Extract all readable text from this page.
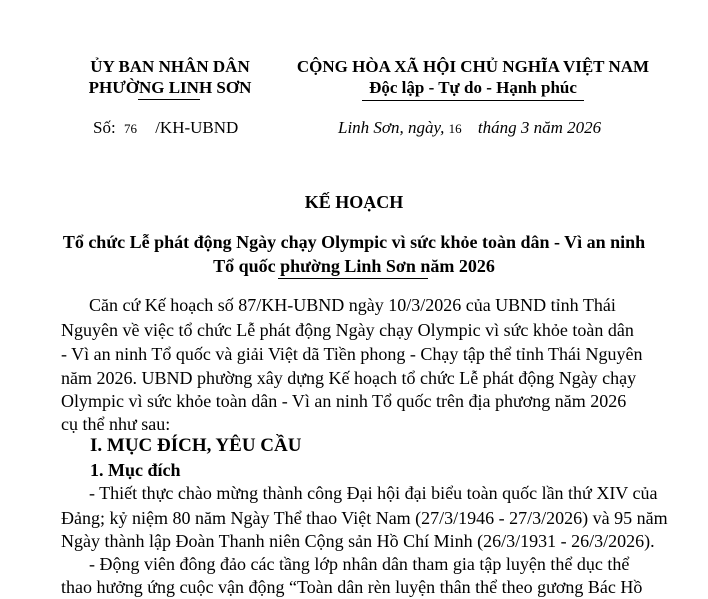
ỦY BAN NHÂN DÂN
PHƯỜNG LINH SƠN
CỘNG HÒA XÃ HỘI CHỦ NGHĨA VIỆT NAM
Độc lập - Tự do - Hạnh phúc
Số: 76 /KH-UBND	Linh Sơn, ngày, 16 tháng 3 năm 2026
KẾ HOẠCH
Tổ chức Lễ phát động Ngày chạy Olympic vì sức khỏe toàn dân - Vì an ninh
Tổ quốc phường Linh Sơn năm 2026
Căn cứ Kế hoạch số 87/KH-UBND ngày 10/3/2026 của UBND tỉnh Thái
Nguyên về việc tổ chức Lễ phát động Ngày chạy Olympic vì sức khỏe toàn dân
- Vì an ninh Tổ quốc và giải Việt dã Tiền phong - Chạy tập thể tỉnh Thái Nguyên
năm 2026. UBND phường xây dựng Kế hoạch tổ chức Lễ phát động Ngày chạy
Olympic vì sức khỏe toàn dân - Vì an ninh Tổ quốc trên địa phương năm 2026
cụ thể như sau:
I. MỤC ĐÍCH, YÊU CẦU
1. Mục đích
- Thiết thực chào mừng thành công Đại hội đại biểu toàn quốc lần thứ XIV của
Đảng; kỷ niệm 80 năm Ngày Thể thao Việt Nam (27/3/1946 - 27/3/2026) và 95 năm
Ngày thành lập Đoàn Thanh niên Cộng sản Hồ Chí Minh (26/3/1931 - 26/3/2026).
- Động viên đông đảo các tầng lớp nhân dân tham gia tập luyện thể dục thể
thao hưởng ứng cuộc vận động “Toàn dân rèn luyện thân thể theo gương Bác Hồ
